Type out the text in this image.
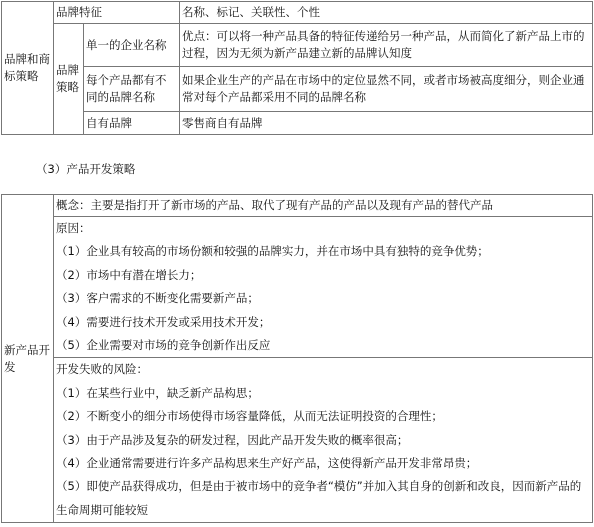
品牌和商标策略	品牌特征		名称、标记、关联性、个性
	品牌策略	单一的企业名称	优点：可以将一种产品具备的特征传递给另一种产品，从而简化了新产品上市的过程，因为无须为新产品建立新的品牌认知度
		每个产品都有不同的品牌名称	如果企业生产的产品在市场中的定位显然不同，或者市场被高度细分，则企业通常对每个产品都采用不同的品牌名称
		自有品牌	零售商自有品牌
（3）产品开发策略
新产品开发	概念：主要是指打开了新市场的产品、取代了现有产品的产品以及现有产品的替代产品

原因：
（1）企业具有较高的市场份额和较强的品牌实力，并在市场中具有独特的竞争优势；
（2）市场中有潜在增长力；
（3）客户需求的不断变化需要新产品；
（4）需要进行技术开发或采用技术开发；
（5）企业需要对市场的竞争创新作出反应

开发失败的风险：
（1）在某些行业中，缺乏新产品构思；
（2）不断变小的细分市场使得市场容量降低，从而无法证明投资的合理性；
（3）由于产品涉及复杂的研发过程，因此产品开发失败的概率很高；
（4）企业通常需要进行许多产品构思来生产好产品，这使得新产品开发非常昂贵；
（5）即使产品获得成功，但是由于被市场中的竞争者“模仿”并加入其自身的创新和改良，因而新产品的生命周期可能较短
